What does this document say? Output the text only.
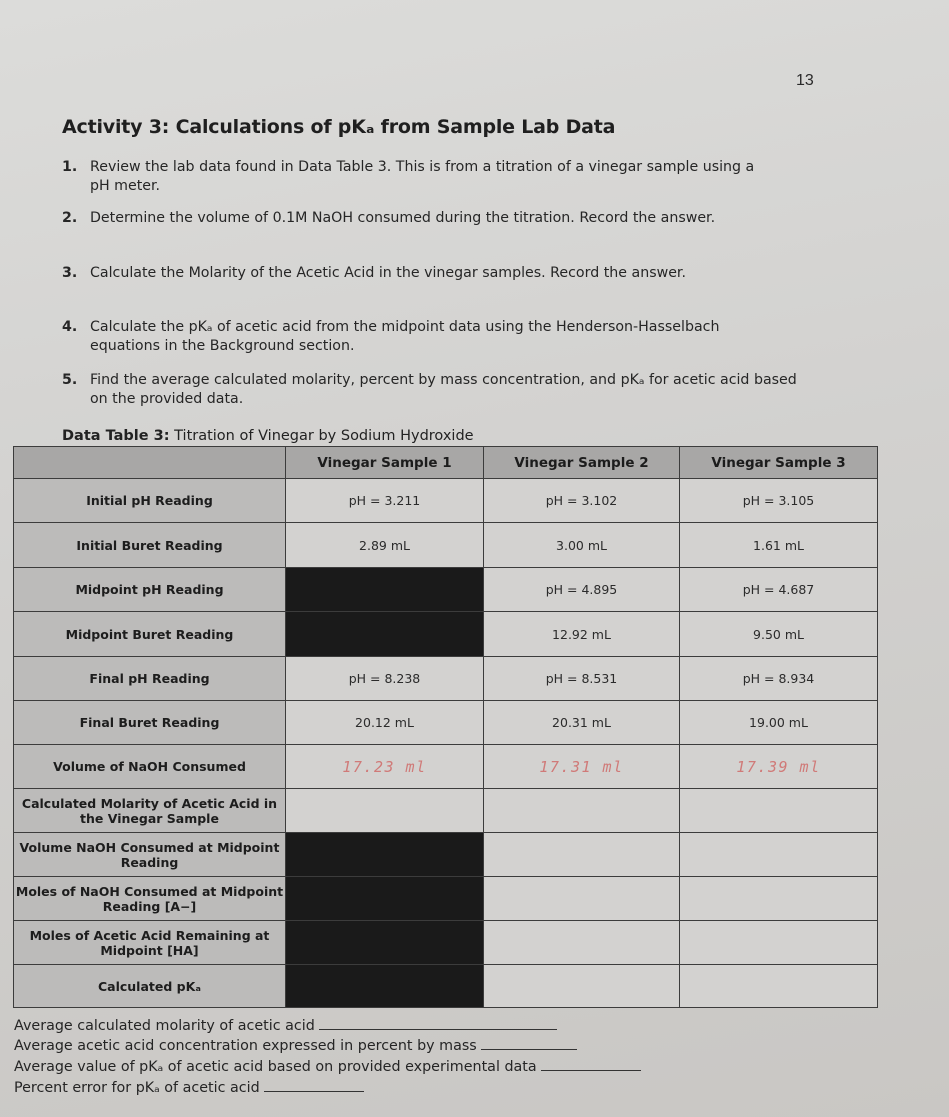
13
Activity 3: Calculations of pKₐ from Sample Lab Data
1. Review the lab data found in Data Table 3. This is from a titration of a vinegar sample using a pH meter.
2. Determine the volume of 0.1M NaOH consumed during the titration. Record the answer.
3. Calculate the Molarity of the Acetic Acid in the vinegar samples. Record the answer.
4. Calculate the pKₐ of acetic acid from the midpoint data using the Henderson-Hasselbach equations in the Background section.
5. Find the average calculated molarity, percent by mass concentration, and pKₐ for acetic acid based on the provided data.
Data Table 3: Titration of Vinegar by Sodium Hydroxide
	Vinegar Sample 1	Vinegar Sample 2	Vinegar Sample 3
Initial pH Reading	pH = 3.211	pH = 3.102	pH = 3.105
Initial Buret Reading	2.89 mL	3.00 mL	1.61 mL
Midpoint pH Reading		pH = 4.895	pH = 4.687
Midpoint Buret Reading		12.92 mL	9.50 mL
Final pH Reading	pH = 8.238	pH = 8.531	pH = 8.934
Final Buret Reading	20.12 mL	20.31 mL	19.00 mL
Volume of NaOH Consumed	17.23 ml	17.31 ml	17.39 ml
Calculated Molarity of Acetic Acid in the Vinegar Sample			
Volume NaOH Consumed at Midpoint Reading			
Moles of NaOH Consumed at Midpoint Reading [A−]			
Moles of Acetic Acid Remaining at Midpoint [HA]			
Calculated pKₐ			
Average calculated molarity of acetic acid
Average acetic acid concentration expressed in percent by mass
Average value of pKₐ of acetic acid based on provided experimental data
Percent error for pKₐ of acetic acid
